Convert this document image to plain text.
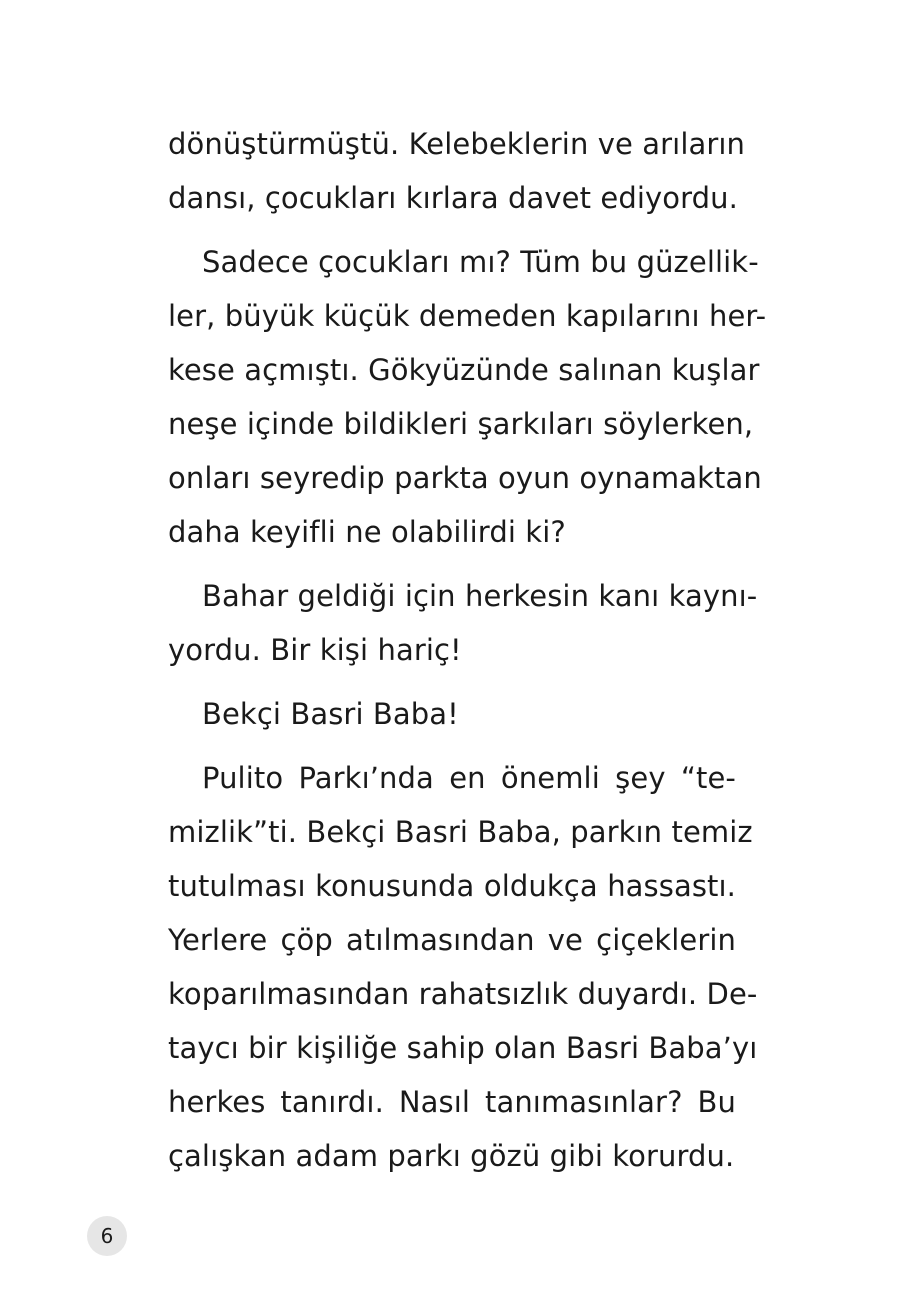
dönüştürmüştü. Kelebeklerin ve arıların
dansı, çocukları kırlara davet ediyordu.
Sadece çocukları mı? Tüm bu güzellik-
ler, büyük küçük demeden kapılarını her-
kese açmıştı. Gökyüzünde salınan kuşlar
neşe içinde bildikleri şarkıları söylerken,
onları seyredip parkta oyun oynamaktan
daha keyifli ne olabilirdi ki?
Bahar geldiği için herkesin kanı kaynı-
yordu. Bir kişi hariç!
Bekçi Basri Baba!
Pulito Parkı’nda en önemli şey “te-
mizlik”ti. Bekçi Basri Baba, parkın temiz
tutulması konusunda oldukça hassastı.
Yerlere çöp atılmasından ve çiçeklerin
koparılmasından rahatsızlık duyardı. De-
taycı bir kişiliğe sahip olan Basri Baba’yı
herkes tanırdı. Nasıl tanımasınlar? Bu
çalışkan adam parkı gözü gibi korurdu.
6
